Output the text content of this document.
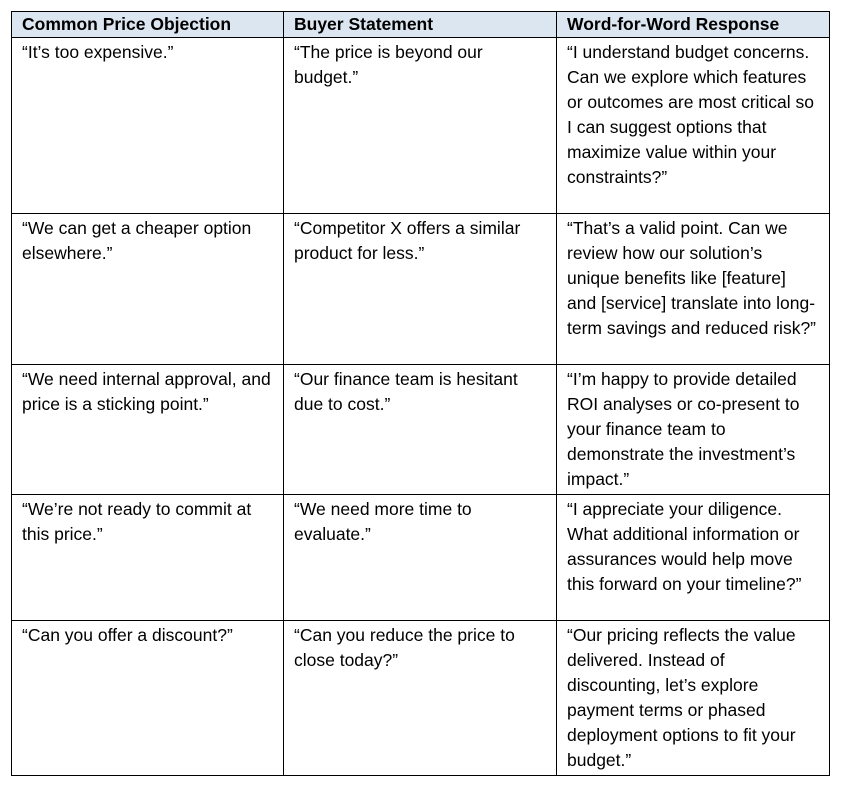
Common Price Objection	Buyer Statement	Word-for-Word Response
“It’s too expensive.”	“The price is beyond our budget.”	“I understand budget concerns. Can we explore which features or outcomes are most critical so I can suggest options that maximize value within your constraints?”
“We can get a cheaper option elsewhere.”	“Competitor X offers a similar product for less.”	“That’s a valid point. Can we review how our solution’s unique benefits like [feature] and [service] translate into long-term savings and reduced risk?”
“We need internal approval, and price is a sticking point.”	“Our finance team is hesitant due to cost.”	“I’m happy to provide detailed ROI analyses or co-present to your finance team to demonstrate the investment’s impact.”
“We’re not ready to commit at this price.”	“We need more time to evaluate.”	“I appreciate your diligence. What additional information or assurances would help move this forward on your timeline?”
“Can you offer a discount?”	“Can you reduce the price to close today?”	“Our pricing reflects the value delivered. Instead of discounting, let’s explore payment terms or phased deployment options to fit your budget.”
